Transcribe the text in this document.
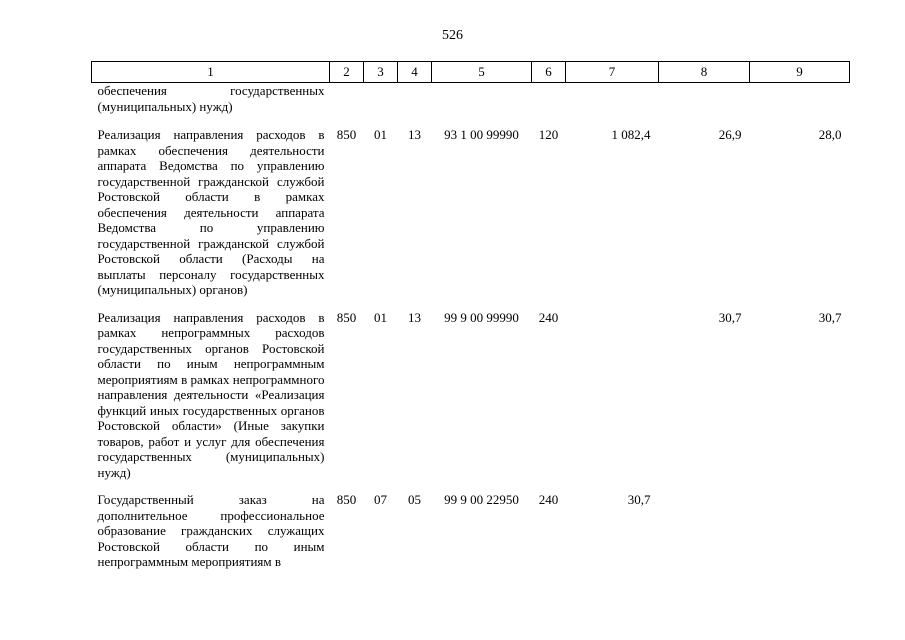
526
1	2	3	4	5	6	7	8	9
обеспечения государственных (муниципальных) нужд)								
Реализация направления расходов в рамках обеспечения деятельности аппарата Ведомства по управлению государственной гражданской службой Ростовской области в рамках обеспечения деятельности аппарата Ведомства по управлению государственной гражданской службой Ростовской области (Расходы на выплаты персоналу государственных (муниципальных) органов)	850	01	13	93 1 00 99990	120	1 082,4	26,9	28,0
Реализация направления расходов в рамках непрограммных расходов государственных органов Ростовской области по иным непрограммным мероприятиям в рамках непрограммного направления деятельности «Реализация функций иных государственных органов Ростовской области» (Иные закупки товаров, работ и услуг для обеспечения государственных (муниципальных) нужд)	850	01	13	99 9 00 99990	240		30,7	30,7
Государственный заказ на дополнительное профессиональное образование гражданских служащих Ростовской области по иным непрограммным мероприятиям в	850	07	05	99 9 00 22950	240	30,7		
